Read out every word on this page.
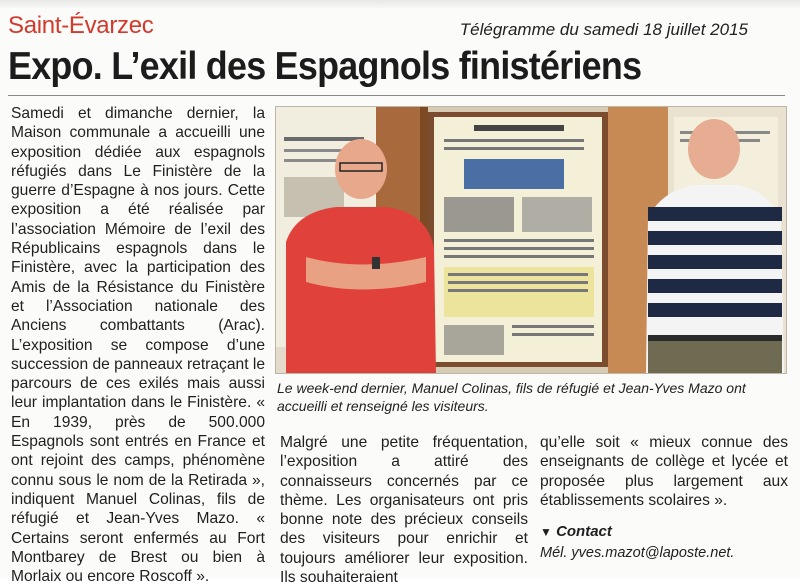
Saint-Évarzec	Télégramme du samedi 18 juillet 2015
Expo. L’exil des Espagnols finistériens

Samedi et dimanche dernier, la Maison communale a accueilli une exposition dédiée aux espagnols réfugiés dans Le Finistère de la guerre d’Espagne à nos jours. Cette exposition a été réalisée par l’association Mémoire de l’exil des Républicains espagnols dans le Finistère, avec la participation des Amis de la Résistance du Finistère et l’Association nationale des Anciens combattants (Arac). L’exposition se compose d’une succession de panneaux retraçant le parcours de ces exilés mais aussi leur implantation dans le Finistère. « En 1939, près de 500.000 Espagnols sont entrés en France et ont rejoint des camps, phénomène connu sous le nom de la Retirada », indiquent Manuel Colinas, fils de réfugié et Jean-Yves Mazo. « Certains seront enfermés au Fort Montbarey de Brest ou bien à Morlaix ou encore Roscoff ».

Le week-end dernier, Manuel Colinas, fils de réfugié et Jean-Yves Mazo ont accueilli et renseigné les visiteurs.

Malgré une petite fréquentation, l’exposition a attiré des connaisseurs concernés par ce thème. Les organisateurs ont pris bonne note des précieux conseils des visiteurs pour enrichir et toujours améliorer leur exposition. Ils souhaiteraient

qu’elle soit « mieux connue des enseignants de collège et lycée et proposée plus largement aux établissements scolaires ».

▼ Contact

Mél. yves.mazot@laposte.net.
